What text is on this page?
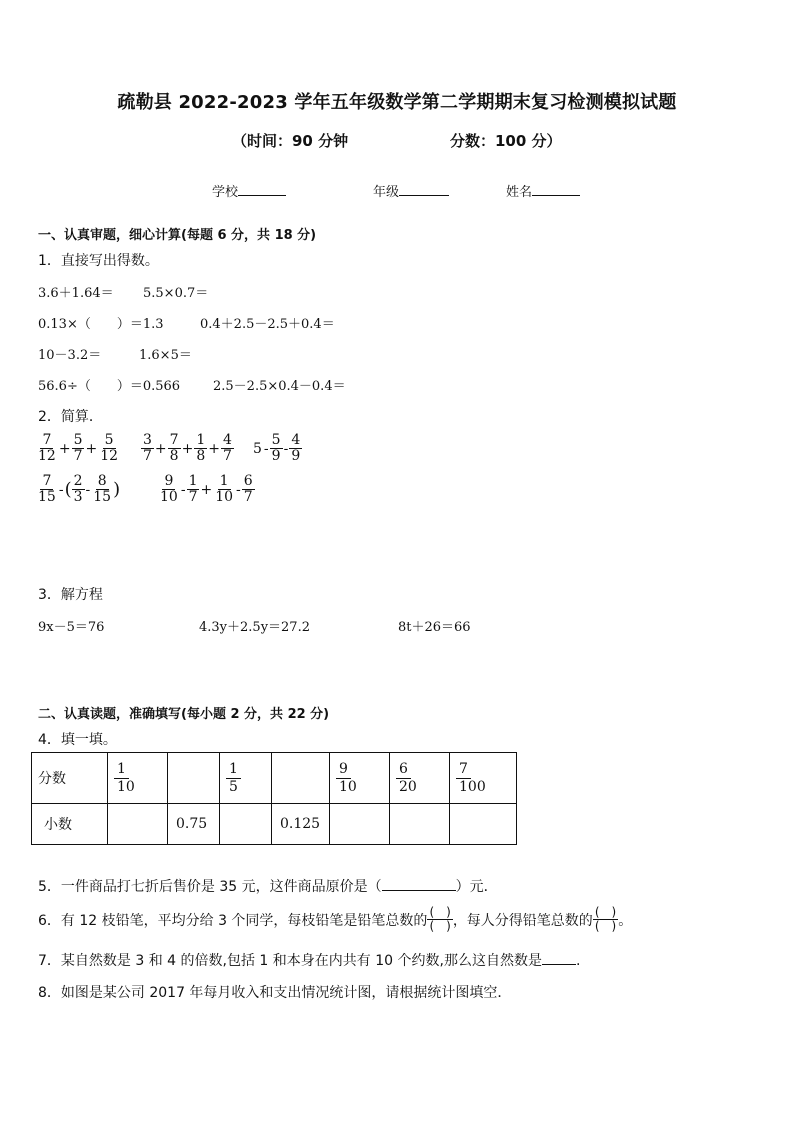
疏勒县 2022-2023 学年五年级数学第二学期期末复习检测模拟试题
（时间：90 分钟	分数：100 分）
学校	年级	姓名
一、认真审题，细心计算(每题 6 分，共 18 分)
1．直接写出得数。
3.6＋1.64＝ 5.5×0.7＝
0.13×（　　）＝1.3	0.4＋2.5－2.5＋0.4＝
10－3.2＝	1.6×5＝
56.6÷（　　）＝0.566	2.5－2.5×0.4－0.4＝
2．简算．
$\frac{7}{12} + \frac{5}{7} + \frac{5}{12} \frac{3}{7} + \frac{7}{8} + \frac{1}{8} + \frac{4}{7} 5 - \frac{5}{9} - \frac{4}{9}$
$\frac{7}{15}$ - ( $\frac{2}{3} - \frac{8}{15}$ )	$\frac{9}{10} - \frac{1}{7} + \frac{1}{10} - \frac{6}{7}$
3．解方程
9x－5＝76	4.3y＋2.5y＝27.2	8t＋26＝66
二、认真读题，准确填写(每小题 2 分，共 22 分)
4．填一填。
分数	$\frac{1}{10}$		$\frac{1}{5}$		$\frac{9}{10}$	$\frac{6}{20}$	$\frac{7}{100}$

小数		0.75		0.125			
5．一件商品打七折后售价是 35 元，这件商品原价是（	）元．
6．有 12 枝铅笔，平均分给 3 个同学，每枝铅笔是铅笔总数的
(　)
(　) ，每人分得铅笔总数的
(　)
(　) 。
7．某自然数是 3 和 4 的倍数,包括 1 和本身在内共有 10 个约数,那么这自然数是 .
8．如图是某公司 2017 年每月收入和支出情况统计图，请根据统计图填空．
